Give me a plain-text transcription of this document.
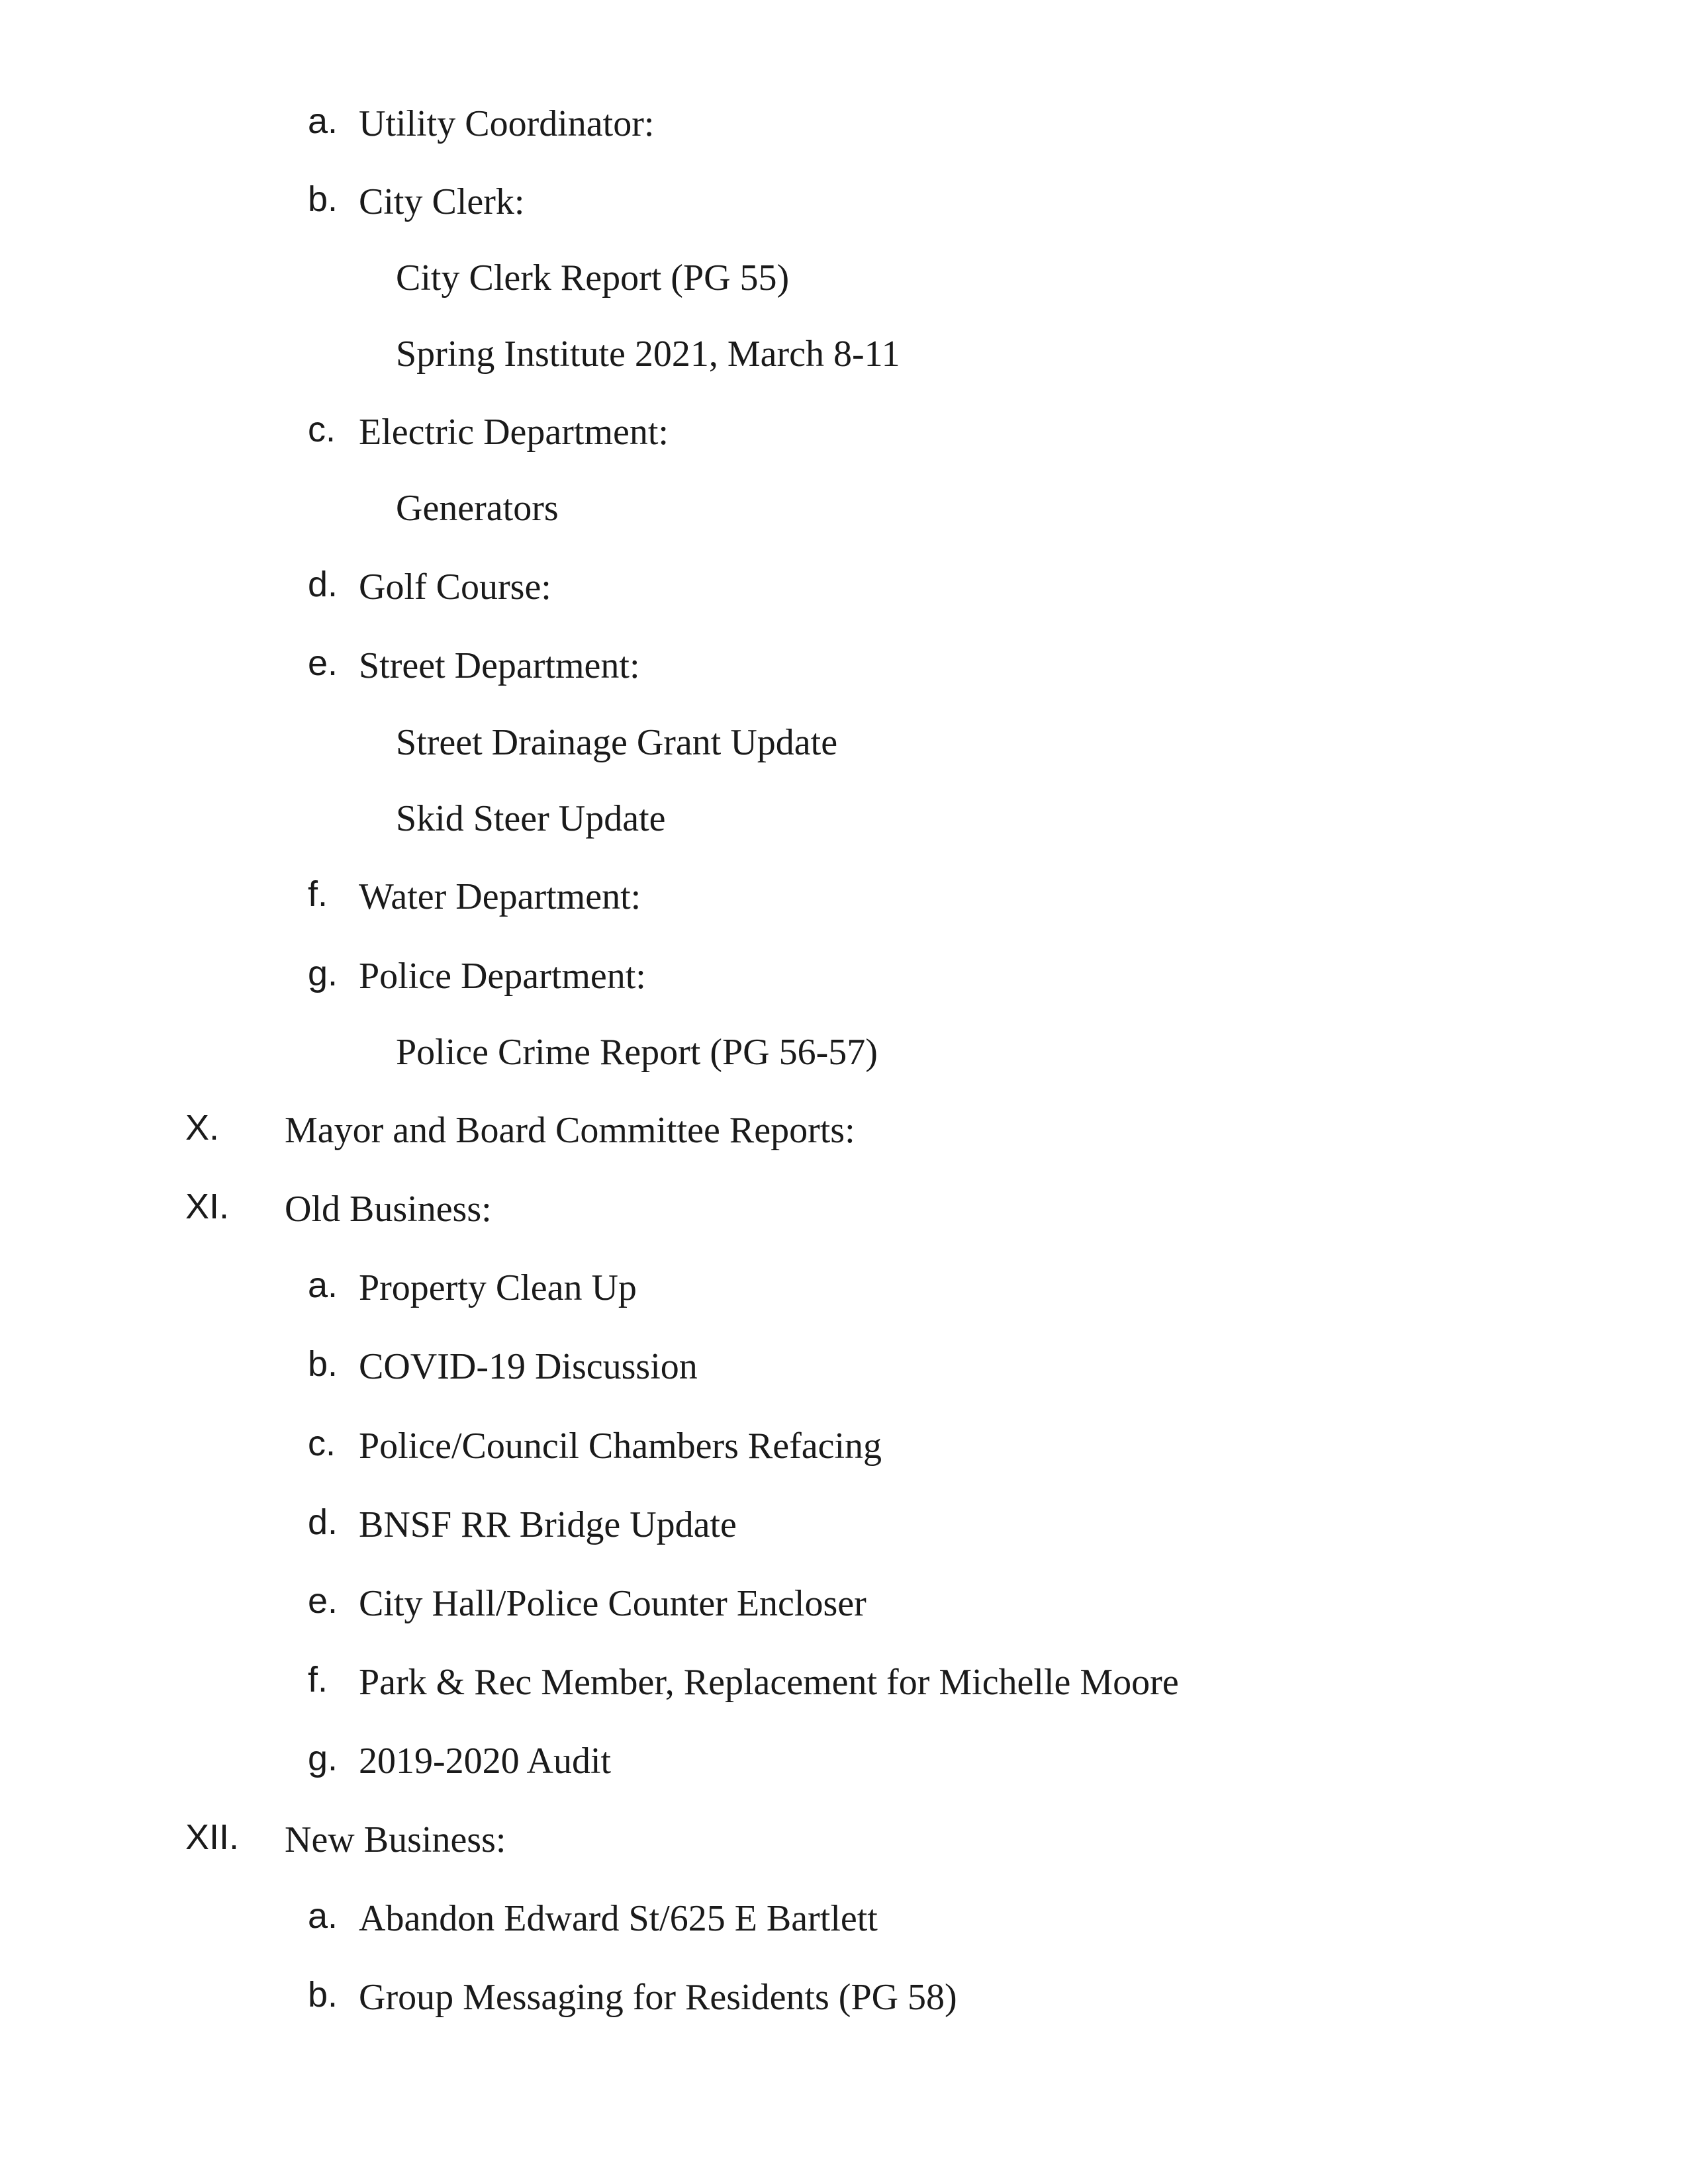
a. Utility Coordinator:
b. City Clerk:
City Clerk Report (PG 55)
Spring Institute 2021, March 8-11
c. Electric Department:
Generators
d. Golf Course:
e. Street Department:
Street Drainage Grant Update
Skid Steer Update
f. Water Department:
g. Police Department:
Police Crime Report (PG 56-57)
X. Mayor and Board Committee Reports:
XI. Old Business:
a. Property Clean Up
b. COVID-19 Discussion
c. Police/Council Chambers Refacing
d. BNSF RR Bridge Update
e. City Hall/Police Counter Encloser
f. Park & Rec Member, Replacement for Michelle Moore
g. 2019-2020 Audit
XII. New Business:
a. Abandon Edward St/625 E Bartlett
b. Group Messaging for Residents (PG 58)
